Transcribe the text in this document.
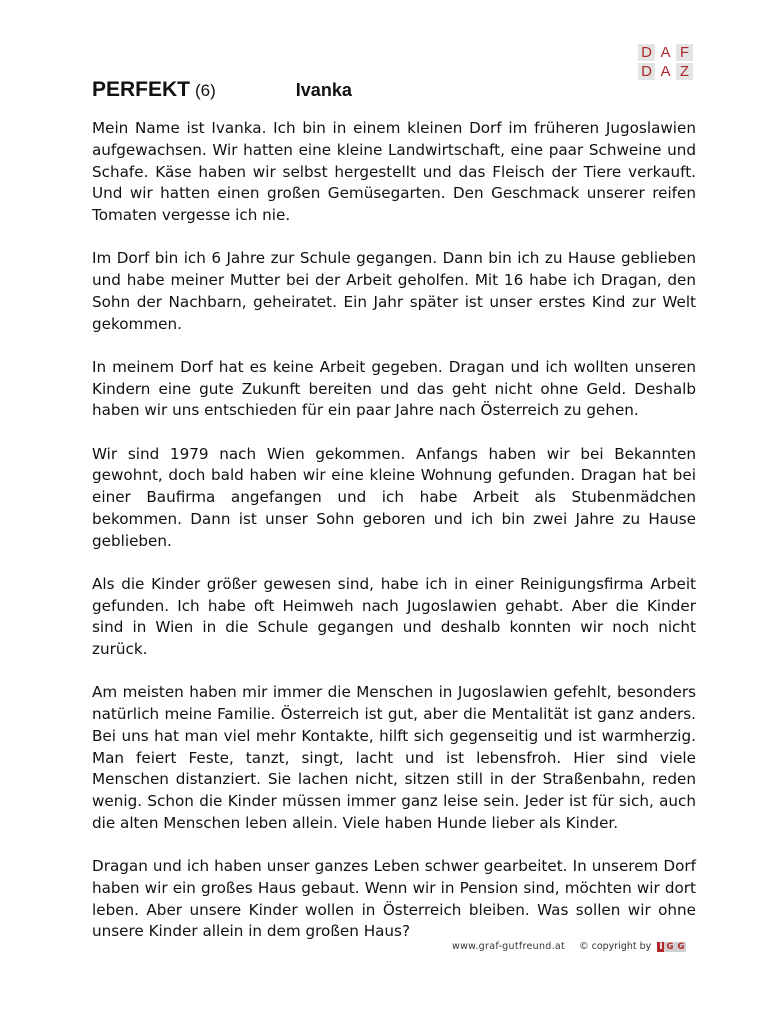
D A F
D A Z
PERFEKT (6)	Ivanka

Mein Name ist Ivanka. Ich bin in einem kleinen Dorf im früheren Jugoslawien aufgewachsen. Wir hatten eine kleine Landwirtschaft, eine paar Schweine und Schafe. Käse haben wir selbst hergestellt und das Fleisch der Tiere verkauft. Und wir hatten einen großen Gemüsegarten. Den Geschmack unserer reifen Tomaten vergesse ich nie.

Im Dorf bin ich 6 Jahre zur Schule gegangen. Dann bin ich zu Hause geblieben und habe meiner Mutter bei der Arbeit geholfen. Mit 16 habe ich Dragan, den Sohn der Nachbarn, geheiratet. Ein Jahr später ist unser erstes Kind zur Welt gekommen.

In meinem Dorf hat es keine Arbeit gegeben. Dragan und ich wollten unseren Kindern eine gute Zukunft bereiten und das geht nicht ohne Geld. Deshalb haben wir uns entschieden für ein paar Jahre nach Österreich zu gehen.

Wir sind 1979 nach Wien gekommen. Anfangs haben wir bei Bekannten gewohnt, doch bald haben wir eine kleine Wohnung gefunden. Dragan hat bei einer Baufirma angefangen und ich habe Arbeit als Stubenmädchen bekommen. Dann ist unser Sohn geboren und ich bin zwei Jahre zu Hause geblieben.

Als die Kinder größer gewesen sind, habe ich in einer Reinigungsfirma Arbeit gefunden. Ich habe oft Heimweh nach Jugoslawien gehabt. Aber die Kinder sind in Wien in die Schule gegangen und deshalb konnten wir noch nicht zurück.

Am meisten haben mir immer die Menschen in Jugoslawien gefehlt, besonders natürlich meine Familie. Österreich ist gut, aber die Mentalität ist ganz anders. Bei uns hat man viel mehr Kontakte, hilft sich gegenseitig und ist warmherzig. Man feiert Feste, tanzt, singt, lacht und ist lebensfroh. Hier sind viele Menschen distanziert. Sie lachen nicht, sitzen still in der Straßenbahn, reden wenig. Schon die Kinder müssen immer ganz leise sein. Jeder ist für sich, auch die alten Menschen leben allein. Viele haben Hunde lieber als Kinder.

Dragan und ich haben unser ganzes Leben schwer gearbeitet. In unserem Dorf haben wir ein großes Haus gebaut. Wenn wir in Pension sind, möchten wir dort leben. Aber unsere Kinder wollen in Österreich bleiben. Was sollen wir ohne unsere Kinder allein in dem großen Haus?

www.graf-gutfreund.at © copyright by I G G
